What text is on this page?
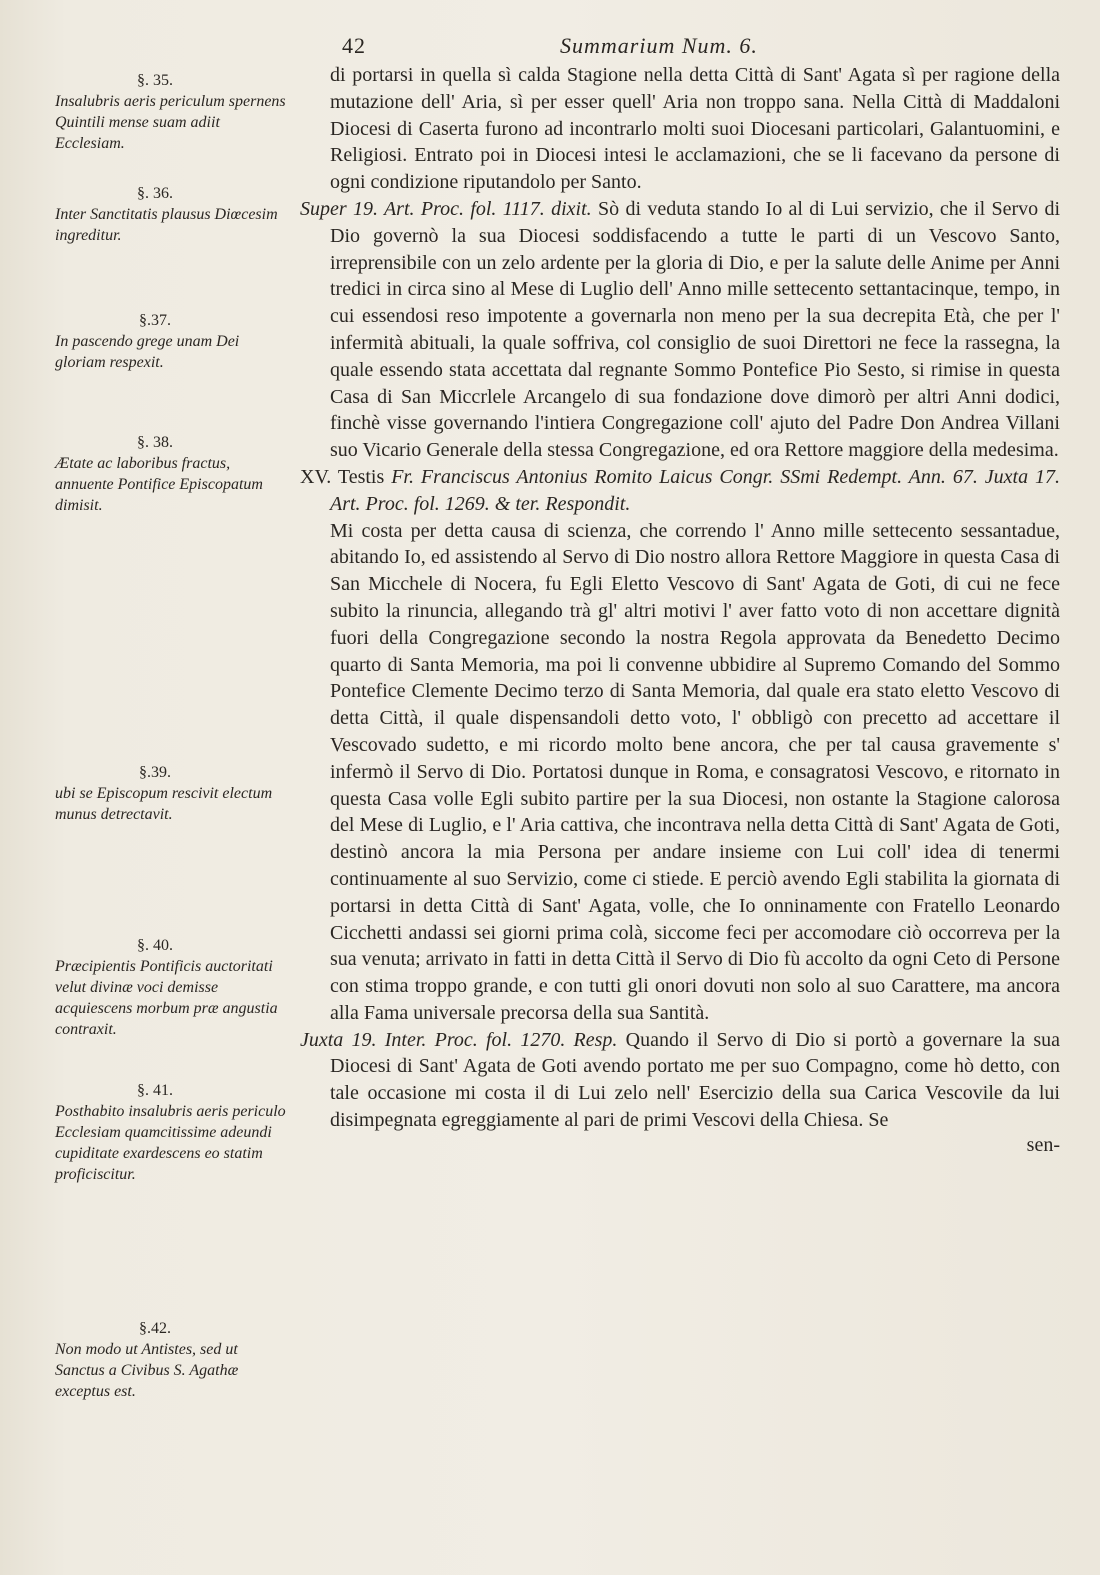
42	Summarium Num. 6.
§. 35.
Insalubris aeris periculum spernens Quintili mense suam adiit Ecclesiam.
§. 36.
Inter Sanctitatis plausus Diœcesim ingreditur.
§.37.
In pascendo grege unam Dei gloriam respexit.
§. 38.
Ætate ac laboribus fractus, annuente Pontifice Episcopatum dimisit.
§.39.
ubi se Episcopum rescivit electum munus detrectavit.
§. 40.
Præcipientis Pontificis auctoritati velut divinæ voci demisse acquiescens morbum præ angustia contraxit.
§. 41.
Posthabito insalubris aeris periculo Ecclesiam quamcitissime adeundi cupiditate exardescens eo statim proficiscitur.
§.42.
Non modo ut Antistes, sed ut Sanctus a Civibus S. Agathæ exceptus est.

di portarsi in quella sì calda Stagione nella detta Città di Sant' Agata sì per ragione della mutazione dell' Aria, sì per esser quell' Aria non troppo sana. Nella Città di Maddaloni Diocesi di Caserta furono ad incontrarlo molti suoi Diocesani particolari, Galantuomini, e Religiosi. Entrato poi in Diocesi intesi le acclamazioni, che se li facevano da persone di ogni condizione riputandolo per Santo.

Super 19. Art. Proc. fol. 1117. dixit. Sò di veduta stando Io al di Lui servizio, che il Servo di Dio governò la sua Diocesi soddisfacendo a tutte le parti di un Vescovo Santo, irreprensibile con un zelo ardente per la gloria di Dio, e per la salute delle Anime per Anni tredici in circa sino al Mese di Luglio dell' Anno mille settecento settantacinque, tempo, in cui essendosi reso impotente a governarla non meno per la sua decrepita Età, che per l' infermità abituali, la quale soffriva, col consiglio de suoi Direttori ne fece la rassegna, la quale essendo stata accettata dal regnante Sommo Pontefice Pio Sesto, si rimise in questa Casa di San Miccrlele Arcangelo di sua fondazione dove dimorò per altri Anni dodici, finchè visse governando l'intiera Congregazione coll' ajuto del Padre Don Andrea Villani suo Vicario Generale della stessa Congregazione, ed ora Rettore maggiore della medesima.

XV. Testis Fr. Franciscus Antonius Romito Laicus Congr. SSmi Redempt. Ann. 67. Juxta 17. Art. Proc. fol. 1269. & ter. Respondit.

Mi costa per detta causa di scienza, che correndo l' Anno mille settecento sessantadue, abitando Io, ed assistendo al Servo di Dio nostro allora Rettore Maggiore in questa Casa di San Micchele di Nocera, fu Egli Eletto Vescovo di Sant' Agata de Goti, di cui ne fece subito la rinuncia, allegando trà gl' altri motivi l' aver fatto voto di non accettare dignità fuori della Congregazione secondo la nostra Regola approvata da Benedetto Decimo quarto di Santa Memoria, ma poi li convenne ubbidire al Supremo Comando del Sommo Pontefice Clemente Decimo terzo di Santa Memoria, dal quale era stato eletto Vescovo di detta Città, il quale dispensandoli detto voto, l' obbligò con precetto ad accettare il Vescovado sudetto, e mi ricordo molto bene ancora, che per tal causa gravemente s' infermò il Servo di Dio. Portatosi dunque in Roma, e consagratosi Vescovo, e ritornato in questa Casa volle Egli subito partire per la sua Diocesi, non ostante la Stagione calorosa del Mese di Luglio, e l' Aria cattiva, che incontrava nella detta Città di Sant' Agata de Goti, destinò ancora la mia Persona per andare insieme con Lui coll' idea di tenermi continuamente al suo Servizio, come ci stiede. E perciò avendo Egli stabilita la giornata di portarsi in detta Città di Sant' Agata, volle, che Io onninamente con Fratello Leonardo Cicchetti andassi sei giorni prima colà, siccome feci per accomodare ciò occorreva per la sua venuta; arrivato in fatti in detta Città il Servo di Dio fù accolto da ogni Ceto di Persone con stima troppo grande, e con tutti gli onori dovuti non solo al suo Carattere, ma ancora alla Fama universale precorsa della sua Santità.

Juxta 19. Inter. Proc. fol. 1270. Resp. Quando il Servo di Dio si portò a governare la sua Diocesi di Sant' Agata de Goti avendo portato me per suo Compagno, come hò detto, con tale occasione mi costa il di Lui zelo nell' Esercizio della sua Carica Vescovile da lui disimpegnata egreggiamente al pari de primi Vescovi della Chiesa. Se

sen-
